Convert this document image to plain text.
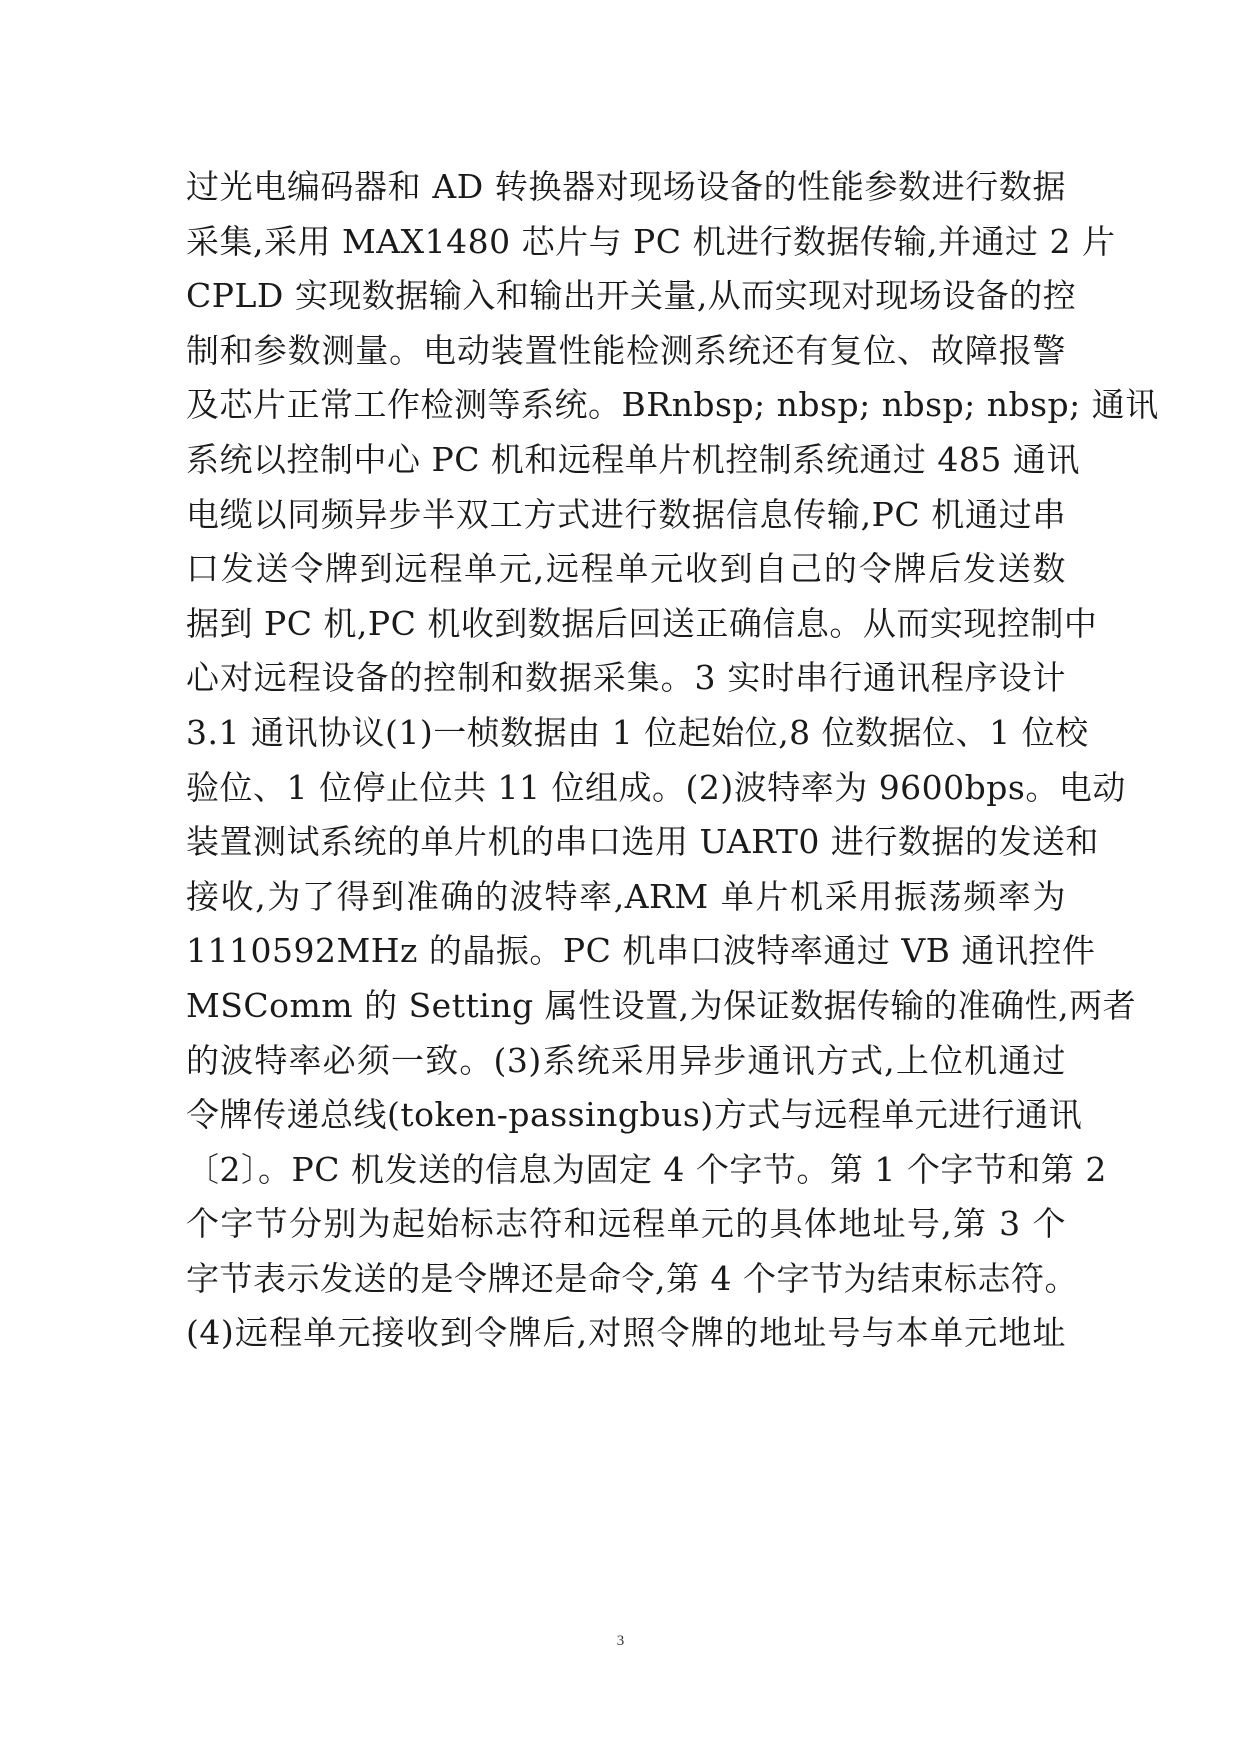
过光电编码器和 AD 转换器对现场设备的性能参数进行数据
采集,采用 MAX1480 芯片与 PC 机进行数据传输,并通过 2 片
CPLD 实现数据输入和输出开关量,从而实现对现场设备的控
制和参数测量。电动装置性能检测系统还有复位、故障报警
及芯片正常工作检测等系统。BRnbsp; nbsp; nbsp; nbsp; 通讯
系统以控制中心 PC 机和远程单片机控制系统通过 485 通讯
电缆以同频异步半双工方式进行数据信息传输,PC 机通过串
口发送令牌到远程单元,远程单元收到自己的令牌后发送数
据到 PC 机,PC 机收到数据后回送正确信息。从而实现控制中
心对远程设备的控制和数据采集。3 实时串行通讯程序设计
3.1 通讯协议(1)一桢数据由 1 位起始位,8 位数据位、1 位校
验位、1 位停止位共 11 位组成。(2)波特率为 9600bps。电动
装置测试系统的单片机的串口选用 UART0 进行数据的发送和
接收,为了得到准确的波特率,ARM 单片机采用振荡频率为
1110592MHz 的晶振。PC 机串口波特率通过 VB 通讯控件
MSComm 的 Setting 属性设置,为保证数据传输的准确性,两者
的波特率必须一致。(3)系统采用异步通讯方式,上位机通过
令牌传递总线(token-passingbus)方式与远程单元进行通讯
〔2〕。PC 机发送的信息为固定 4 个字节。第 1 个字节和第 2
个字节分别为起始标志符和远程单元的具体地址号,第 3 个
字节表示发送的是令牌还是命令,第 4 个字节为结束标志符。
(4)远程单元接收到令牌后,对照令牌的地址号与本单元地址
3
